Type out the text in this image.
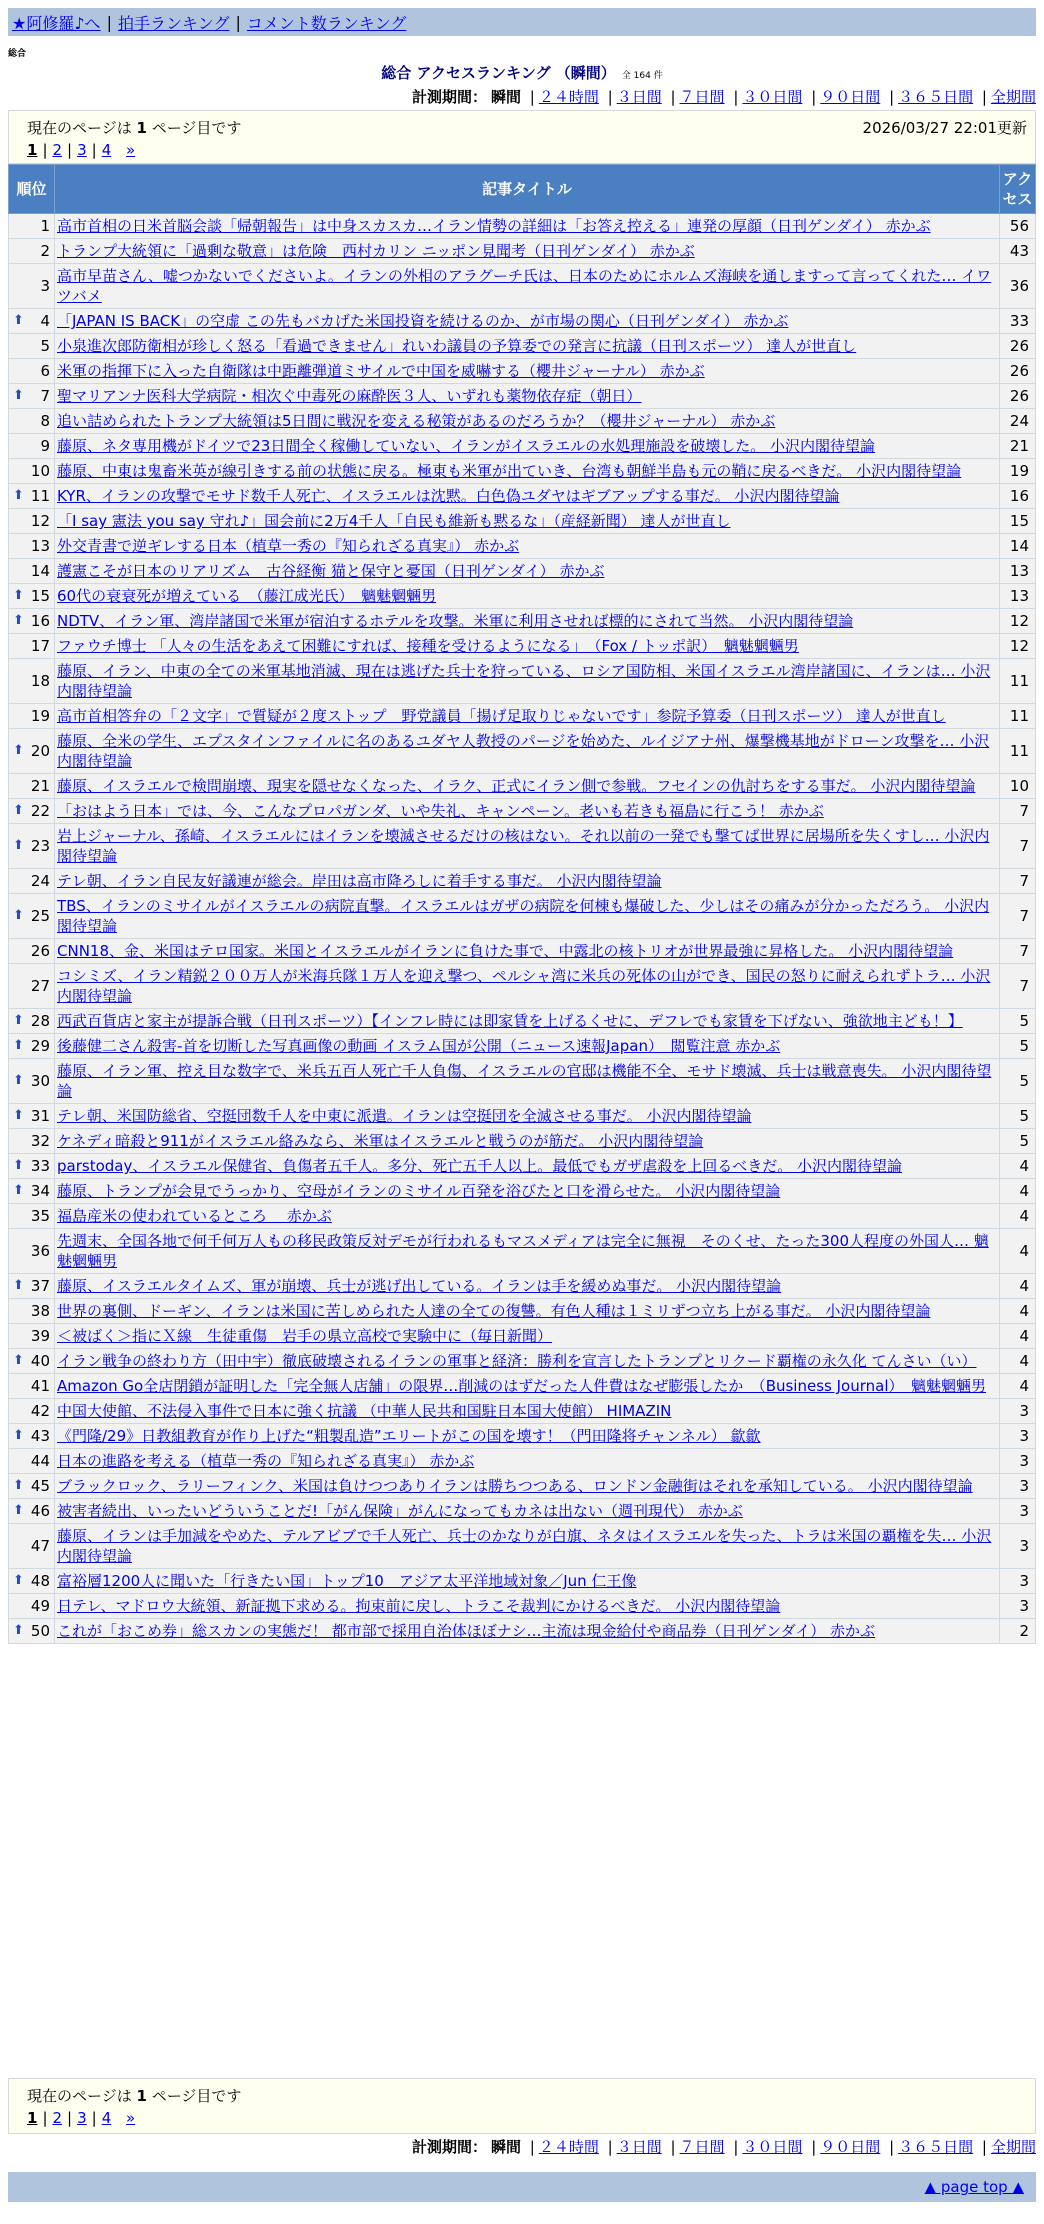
★阿修羅♪へ | 拍手ランキング | コメント数ランキング
総合
総合 アクセスランキング （瞬間） 全 164 件
計測期間： 瞬間 | ２４時間 | ３日間 | ７日間 | ３０日間 | ９０日間 | ３６５日間 | 全期間
現在のページは 1 ページ目です	2026/03/27 22:01更新
1 | 2 | 3 | 4 »
順位	記事タイトル	アクセス
1	高市首相の日米首脳会談「帰朝報告」は中身スカスカ…イラン情勢の詳細は「お答え控える」連発の厚顔（日刊ゲンダイ） 赤かぶ	56
2	トランプ大統領に「過剰な敬意」は危険　西村カリン ニッポン見聞考（日刊ゲンダイ） 赤かぶ	43
3	高市早苗さん、嘘つかないでくださいよ。イランの外相のアラグーチ氏は、日本のためにホルムズ海峡を通しますって言ってくれた… イワツバメ	36

⬆ 4	「JAPAN IS BACK」の空虚 この先もバカげた米国投資を続けるのか、が市場の関心（日刊ゲンダイ） 赤かぶ	33
5	小泉進次郎防衛相が珍しく怒る「看過できません」れいわ議員の予算委での発言に抗議（日刊スポーツ） 達人が世直し	26
6	米軍の指揮下に入った自衛隊は中距離弾道ミサイルで中国を威嚇する（櫻井ジャーナル） 赤かぶ	26

⬆ 7	聖マリアンナ医科大学病院・相次ぐ中毒死の麻酔医３人、いずれも薬物依存症（朝日）	26
8	追い詰められたトランプ大統領は5日間に戦況を変える秘策があるのだろうか？（櫻井ジャーナル） 赤かぶ	24
9	藤原、ネタ専用機がドイツで23日間全く稼働していない、イランがイスラエルの水処理施設を破壊した。 小沢内閣待望論	21
10	藤原、中東は鬼畜米英が線引きする前の状態に戻る。極東も米軍が出ていき、台湾も朝鮮半島も元の鞘に戻るべきだ。 小沢内閣待望論	19

⬆ 11	KYR、イランの攻撃でモサド数千人死亡、イスラエルは沈黙。白色偽ユダヤはギブアップする事だ。 小沢内閣待望論	16
12	「I say 憲法 you say 守れ♪」国会前に2万4千人「自民も維新も黙るな」（産経新聞） 達人が世直し	15
13	外交青書で逆ギレする日本（植草一秀の『知られざる真実』） 赤かぶ	14
14	護憲こそが日本のリアリズム　古谷経衡 猫と保守と憂国（日刊ゲンダイ） 赤かぶ	13

⬆ 15	60代の衰衰死が増えている　（藤江成光氏）　魑魅魍魎男	13

⬆ 16	NDTV、イラン軍、湾岸諸国で米軍が宿泊するホテルを攻撃。米軍に利用させれば標的にされて当然。 小沢内閣待望論	12
17	ファウチ博士 「人々の生活をあえて困難にすれば、接種を受けるようになる」　（Fox / トッポ訳）　魑魅魍魎男	12
18	藤原、イラン、中東の全ての米軍基地消滅、現在は逃げた兵士を狩っている、ロシア国防相、米国イスラエル湾岸諸国に、イランは… 小沢内閣待望論	11
19	高市首相答弁の「２文字」で質疑が２度ストップ　野党議員「揚げ足取りじゃないです」参院予算委（日刊スポーツ） 達人が世直し	11

⬆ 20	藤原、全米の学生、エプスタインファイルに名のあるユダヤ人教授のパージを始めた、ルイジアナ州、爆撃機基地がドローン攻撃を… 小沢内閣待望論	11
21	藤原、イスラエルで検問崩壊、現実を隠せなくなった、イラク、正式にイラン側で参戦。フセインの仇討ちをする事だ。 小沢内閣待望論	10

⬆ 22	「おはよう日本」では、今、こんなプロパガンダ、いや失礼、キャンペーン。老いも若きも福島に行こう！ 赤かぶ	7

⬆ 23	岩上ジャーナル、孫崎、イスラエルにはイランを壊滅させるだけの核はない。それ以前の一発でも撃てば世界に居場所を失くすし… 小沢内閣待望論	7
24	テレ朝、イラン自民友好議連が総会。岸田は高市降ろしに着手する事だ。 小沢内閣待望論	7

⬆ 25	TBS、イランのミサイルがイスラエルの病院直撃。イスラエルはガザの病院を何棟も爆破した、少しはその痛みが分かっただろう。 小沢内閣待望論	7
26	CNN18、金、米国はテロ国家。米国とイスラエルがイランに負けた事で、中露北の核トリオが世界最強に昇格した。 小沢内閣待望論	7
27	コシミズ、イラン精鋭２００万人が米海兵隊１万人を迎え撃つ、ペルシャ湾に米兵の死体の山ができ、国民の怒りに耐えられずトラ… 小沢内閣待望論	7

⬆ 28	西武百貨店と家主が提訴合戦（日刊スポーツ）【インフレ時には即家賃を上げるくせに、デフレでも家賃を下げない、強欲地主ども！】	5

⬆ 29	後藤健二さん殺害-首を切断した写真画像の動画 イスラム国が公開（ニュース速報Japan）　閲覧注意 赤かぶ	5

⬆ 30	藤原、イラン軍、控え目な数字で、米兵五百人死亡千人負傷、イスラエルの官邸は機能不全、モサド壊滅、兵士は戦意喪失。 小沢内閣待望論	5

⬆ 31	テレ朝、米国防総省、空挺団数千人を中東に派遣。イランは空挺団を全滅させる事だ。 小沢内閣待望論	5
32	ケネディ暗殺と911がイスラエル絡みなら、米軍はイスラエルと戦うのが筋だ。 小沢内閣待望論	5

⬆ 33	parstoday、イスラエル保健省、負傷者五千人。多分、死亡五千人以上。最低でもガザ虐殺を上回るべきだ。 小沢内閣待望論	4

⬆ 34	藤原、トランプが会見でうっかり、空母がイランのミサイル百発を浴びたと口を滑らせた。 小沢内閣待望論	4
35	福島産米の使われているところ　 赤かぶ	4
36	先週末、全国各地で何千何万人もの移民政策反対デモが行われるもマスメディアは完全に無視　そのくせ、たった300人程度の外国人… 魑魅魍魎男	4

⬆ 37	藤原、イスラエルタイムズ、軍が崩壊、兵士が逃げ出している。イランは手を緩めぬ事だ。 小沢内閣待望論	4
38	世界の裏側、ドーギン、イランは米国に苦しめられた人達の全ての復讐。有色人種は１ミリずつ立ち上がる事だ。 小沢内閣待望論	4
39	＜被ばく＞指にＸ線　生徒重傷　岩手の県立高校で実験中に（毎日新聞）	4

⬆ 40	イラン戦争の終わり方（田中宇）徹底破壊されるイランの軍事と経済：勝利を宣言したトランプとリクード覇権の永久化 てんさい（い）	4
41	Amazon Go全店閉鎖が証明した「完全無人店舗」の限界…削減のはずだった人件費はなぜ膨張したか　（Business Journal）　魑魅魍魎男	4
42	中国大使館、不法侵入事件で日本に強く抗議 （中華人民共和国駐日本国大使館） HIMAZIN	3

⬆ 43	《門隆/29》日教組教育が作り上げた“粗製乱造”エリートがこの国を壊す！（門田隆将チャンネル） 歙歙	3
44	日本の進路を考える（植草一秀の『知られざる真実』） 赤かぶ	3

⬆ 45	ブラックロック、ラリーフィンク、米国は負けつつありイランは勝ちつつある、ロンドン金融街はそれを承知している。 小沢内閣待望論	3

⬆ 46	被害者続出、いったいどういうことだ!「がん保険」がんになってもカネは出ない（週刊現代） 赤かぶ	3
47	藤原、イランは手加減をやめた、テルアビブで千人死亡、兵士のかなりが白旗、ネタはイスラエルを失った、トラは米国の覇権を失… 小沢内閣待望論	3

⬆ 48	富裕層1200人に聞いた「行きたい国」トップ10　アジア太平洋地域対象／Jun 仁王像	3
49	日テレ、マドロウ大統領、新証拠下求める。拘束前に戻し、トラこそ裁判にかけるべきだ。 小沢内閣待望論	3

⬆ 50	これが「おこめ券」総スカンの実態だ！ 都市部で採用自治体ほぼナシ…主流は現金給付や商品券（日刊ゲンダイ） 赤かぶ	2
計測期間： 瞬間 | ２４時間 | ３日間 | ７日間 | ３０日間 | ９０日間 | ３６５日間 | 全期間
現在のページは 1 ページ目です
1 | 2 | 3 | 4 »
▲ page top ▲
